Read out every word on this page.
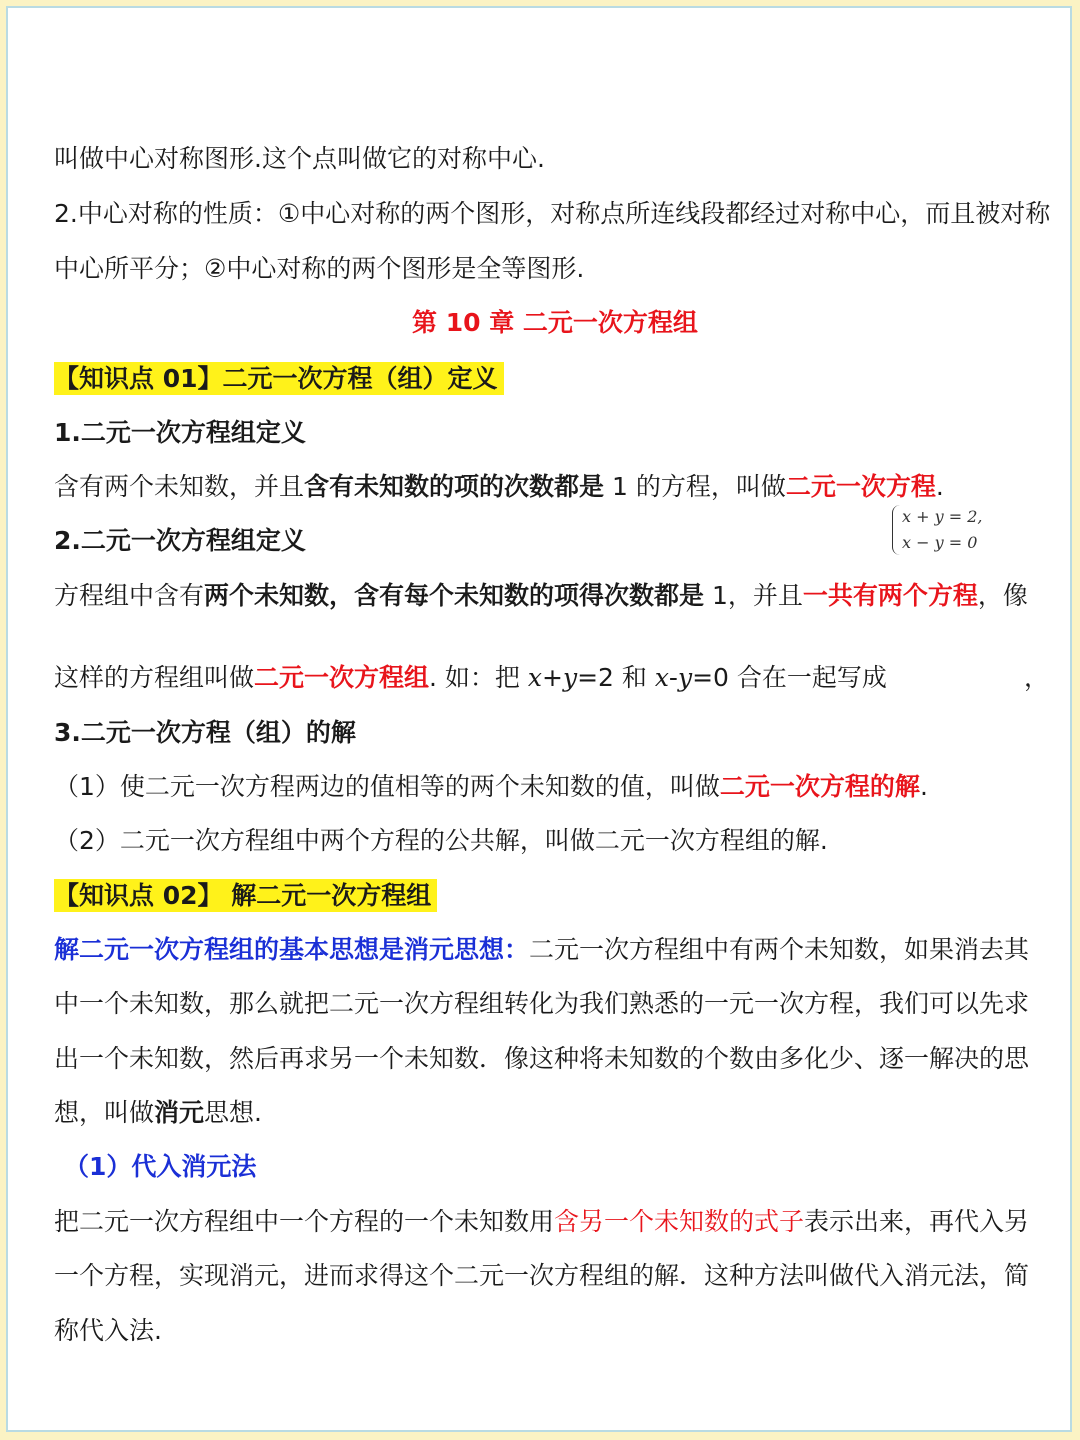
叫做中心对称图形.这个点叫做它的对称中心.
2.中心对称的性质：①中心对称的两个图形，对称点所连线段都经过对称中心，而且被对称
中心所平分；②中心对称的两个图形是全等图形.
第 10 章 二元一次方程组
【知识点 01】二元一次方程（组）定义
1.二元一次方程组定义
含有两个未知数，并且含有未知数的项的次数都是 1 的方程，叫做二元一次方程.
2.二元一次方程组定义
方程组中含有两个未知数，含有每个未知数的项得次数都是 1，并且一共有两个方程，像
这样的方程组叫做二元一次方程组. 如：把 x+y=2 和 x-y=0 合在一起写成	，
3.二元一次方程（组）的解
（1）使二元一次方程两边的值相等的两个未知数的值，叫做二元一次方程的解.
（2）二元一次方程组中两个方程的公共解，叫做二元一次方程组的解.
【知识点 02】 解二元一次方程组
解二元一次方程组的基本思想是消元思想：二元一次方程组中有两个未知数，如果消去其
中一个未知数，那么就把二元一次方程组转化为我们熟悉的一元一次方程，我们可以先求
出一个未知数，然后再求另一个未知数．像这种将未知数的个数由多化少、逐一解决的思
想，叫做消元思想.
（1）代入消元法
把二元一次方程组中一个方程的一个未知数用含另一个未知数的式子表示出来，再代入另
一个方程，实现消元，进而求得这个二元一次方程组的解．这种方法叫做代入消元法，简
称代入法.
x + y = 2,
x − y = 0
